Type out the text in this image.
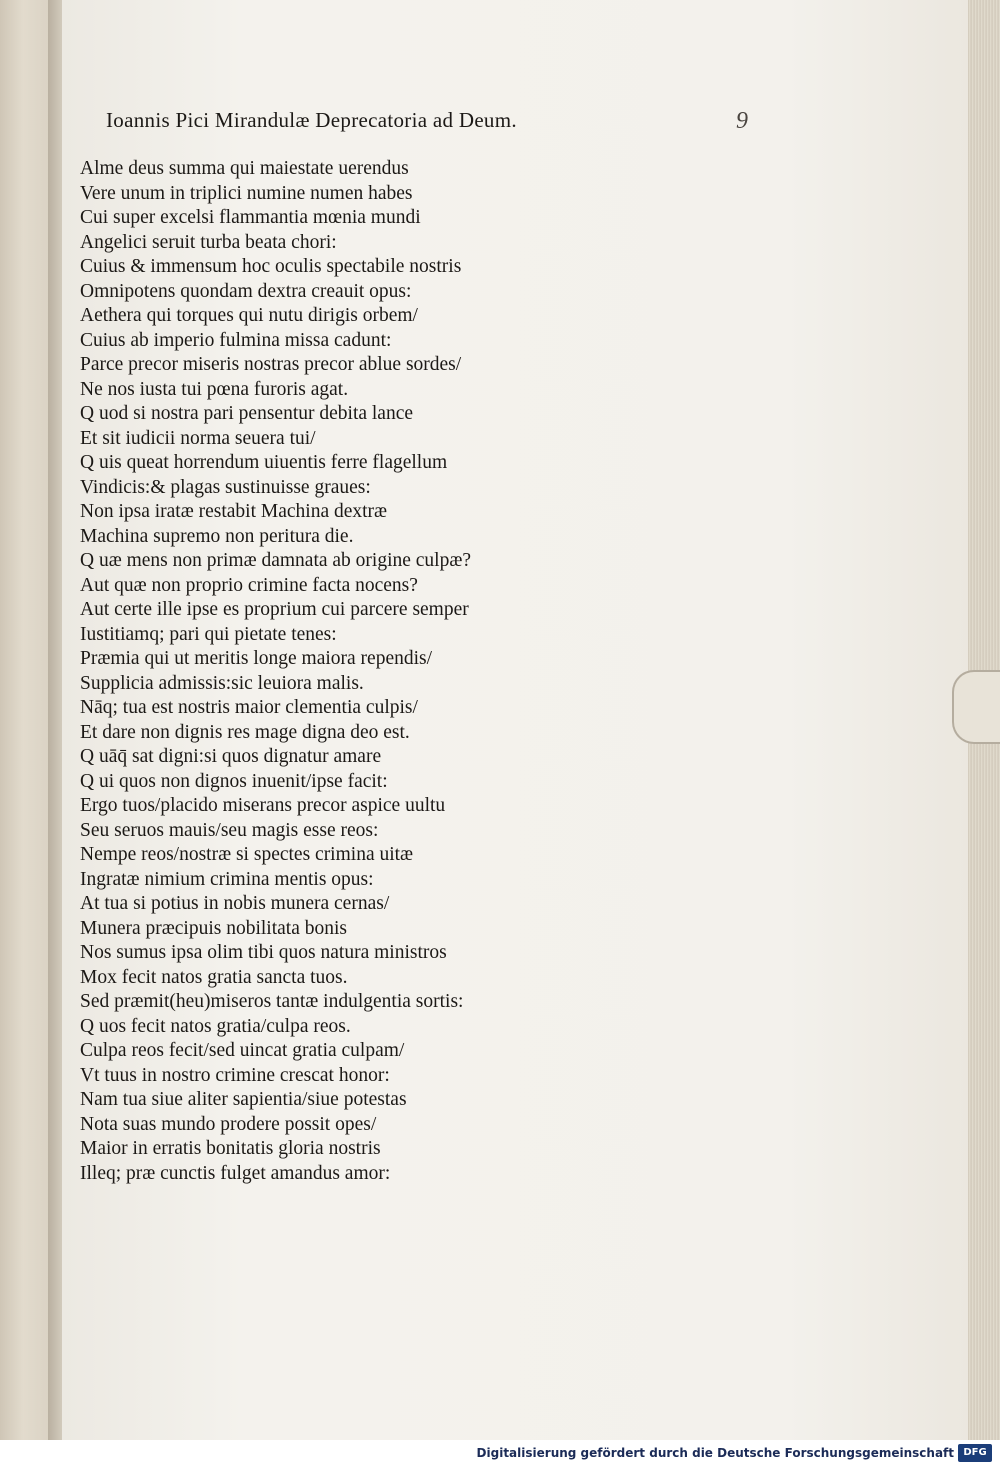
Ioannis Pici Mirandulæ Deprecatoria ad Deum.
Alme deus summa qui maiestate uerendus
Vere unum in triplici numine numen habes
Cui super excelsi flammantia mœnia mundi
Angelici seruit turba beata chori:
Cuius & immensum hoc oculis spectabile nostris
Omnipotens quondam dextra creauit opus:
Aethera qui torques qui nutu dirigis orbem/
Cuius ab imperio fulmina missa cadunt:
Parce precor miseris nostras precor ablue sordes/
Ne nos iusta tui pœna furoris agat.
Q uod si nostra pari pensentur debita lance
Et sit iudicii norma seuera tui/
Q uis queat horrendum uiuentis ferre flagellum
Vindicis:& plagas sustinuisse graues:
Non ipsa iratæ restabit Machina dextræ
Machina supremo non peritura die.
Q uæ mens non primæ damnata ab origine culpæ?
Aut quæ non proprio crimine facta nocens?
Aut certe ille ipse es proprium cui parcere semper
Iustitiamq; pari qui pietate tenes:
Præmia qui ut meritis longe maiora rependis/
Supplicia admissis:sic leuiora malis.
Nāq; tua est nostris maior clementia culpis/
Et dare non dignis res mage digna deo est.
Q uāq̄ sat digni:si quos dignatur amare
Q ui quos non dignos inuenit/ipse facit:
Ergo tuos/placido miserans precor aspice uultu
Seu seruos mauis/seu magis esse reos:
Nempe reos/nostræ si spectes crimina uitæ
Ingratæ nimium crimina mentis opus:
At tua si potius in nobis munera cernas/
Munera præcipuis nobilitata bonis
Nos sumus ipsa olim tibi quos natura ministros
Mox fecit natos gratia sancta tuos.
Sed præmit(heu)miseros tantæ indulgentia sortis:
Q uos fecit natos gratia/culpa reos.
Culpa reos fecit/sed uincat gratia culpam/
Vt tuus in nostro crimine crescat honor:
Nam tua siue aliter sapientia/siue potestas
Nota suas mundo prodere possit opes/
Maior in erratis bonitatis gloria nostris
Illeq; præ cunctis fulget amandus amor:
9
Digitalisierung gefördert durch die Deutsche Forschungsgemeinschaft DFG
